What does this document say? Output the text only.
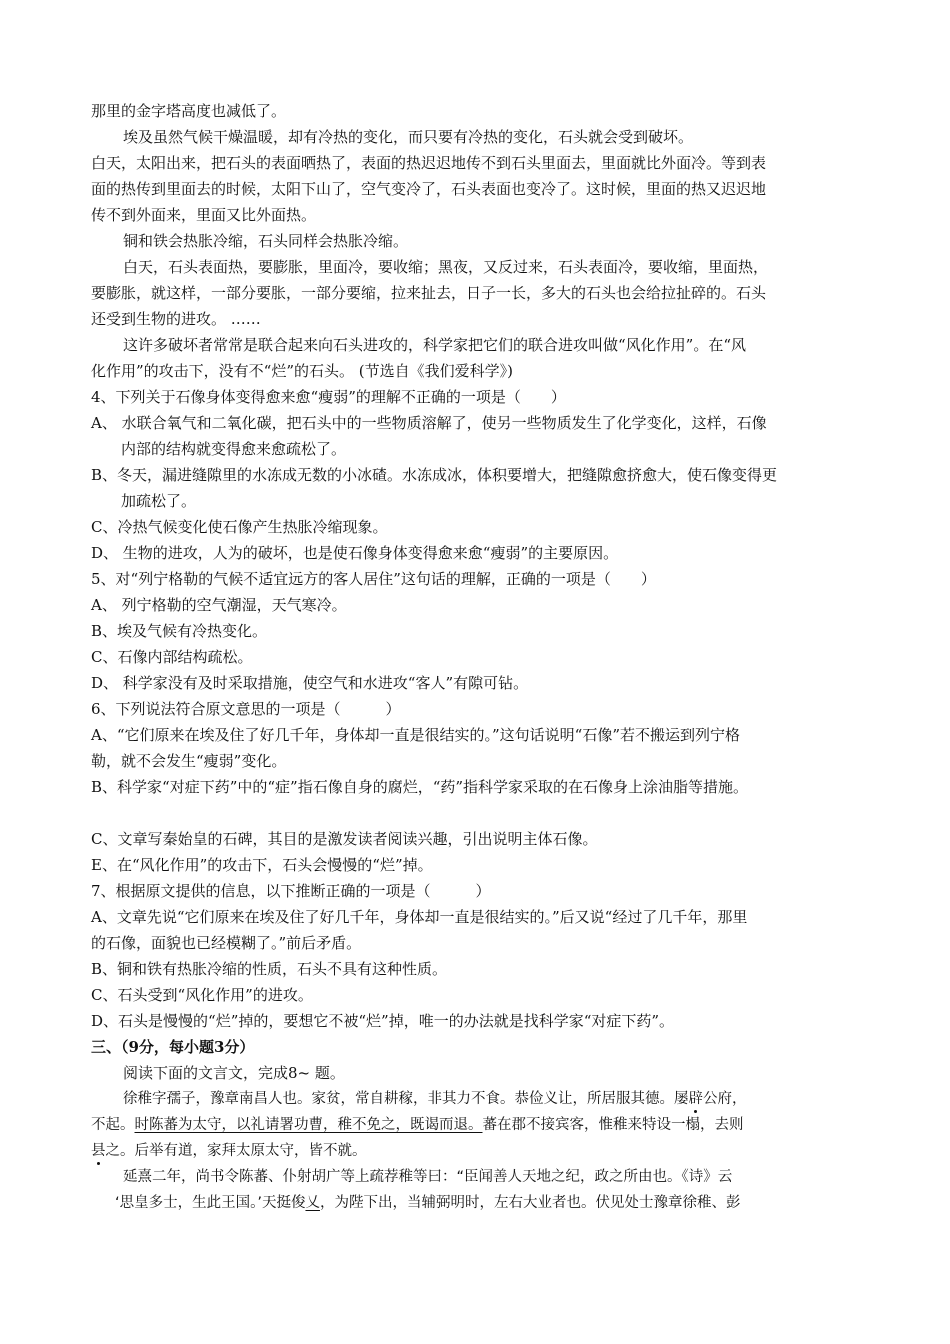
那里的金字塔高度也减低了。
埃及虽然气候干燥温暖，却有冷热的变化，而只要有冷热的变化，石头就会受到破坏。
白天，太阳出来，把石头的表面晒热了，表面的热迟迟地传不到石头里面去，里面就比外面冷。等到表
面的热传到里面去的时候，太阳下山了，空气变冷了，石头表面也变冷了。这时候，里面的热又迟迟地
传不到外面来，里面又比外面热。
铜和铁会热胀冷缩，石头同样会热胀冷缩。
白天，石头表面热，要膨胀，里面冷，要收缩；黑夜，又反过来，石头表面冷，要收缩，里面热，
要膨胀，就这样，一部分要胀，一部分要缩，拉来扯去，日子一长，多大的石头也会给拉扯碎的。石头
还受到生物的进攻。 ……
这许多破坏者常常是联合起来向石头进攻的，科学家把它们的联合进攻叫做“风化作用”。在“风
化作用”的攻击下，没有不“烂”的石头。 (节选自《我们爱科学》)
4、下列关于石像身体变得愈来愈“瘦弱”的理解不正确的一项是（　　）
A、 水联合氧气和二氧化碳，把石头中的一些物质溶解了，使另一些物质发生了化学变化，这样，石像
内部的结构就变得愈来愈疏松了。
B、冬天，漏进缝隙里的水冻成无数的小冰碴。水冻成冰，体积要增大，把缝隙愈挤愈大，使石像变得更
加疏松了。
C、冷热气候变化使石像产生热胀冷缩现象。
D、 生物的进攻，人为的破坏，也是使石像身体变得愈来愈“瘦弱”的主要原因。
5、对“列宁格勒的气候不适宜远方的客人居住”这句话的理解，正确的一项是（　　）
A、 列宁格勒的空气潮湿，天气寒冷。
B、埃及气候有冷热变化。
C、石像内部结构疏松。
D、 科学家没有及时采取措施，使空气和水进攻“客人”有隙可钻。
6、下列说法符合原文意思的一项是（　　　）
A、“它们原来在埃及住了好几千年，身体却一直是很结实的。”这句话说明“石像”若不搬运到列宁格
勒，就不会发生“瘦弱”变化。
B、科学家“对症下药”中的“症”指石像自身的腐烂，“药”指科学家采取的在石像身上涂油脂等措施。
C、文章写秦始皇的石碑，其目的是激发读者阅读兴趣，引出说明主体石像。
E、在“风化作用”的攻击下，石头会慢慢的“烂”掉。
7、根据原文提供的信息，以下推断正确的一项是（　　　）
A、文章先说“它们原来在埃及住了好几千年，身体却一直是很结实的。”后又说“经过了几千年，那里
的石像，面貌也已经模糊了。”前后矛盾。
B、铜和铁有热胀冷缩的性质，石头不具有这种性质。
C、石头受到“风化作用”的进攻。
D、石头是慢慢的“烂”掉的，要想它不被“烂”掉，唯一的办法就是找科学家“对症下药”。
三、（9分，每小题3分）
阅读下面的文言文，完成8~ 题。
徐稚字孺子，豫章南昌人也。家贫，常自耕稼，非其力不食。恭俭义让，所居服其德。屡辟公府，
不起。时陈蕃为太守，以礼请署功曹，稚不免之，既谒而退。蕃在郡不接宾客，惟稚来特设一榻，去则
县之。后举有道，家拜太原太守，皆不就。
延熹二年，尚书令陈蕃、仆射胡广等上疏荐稚等曰：“臣闻善人天地之纪，政之所由也。《诗》云
‘思皇多士，生此王国。’天挺俊乂，为陛下出，当辅弼明时，左右大业者也。伏见处士豫章徐稚、彭
